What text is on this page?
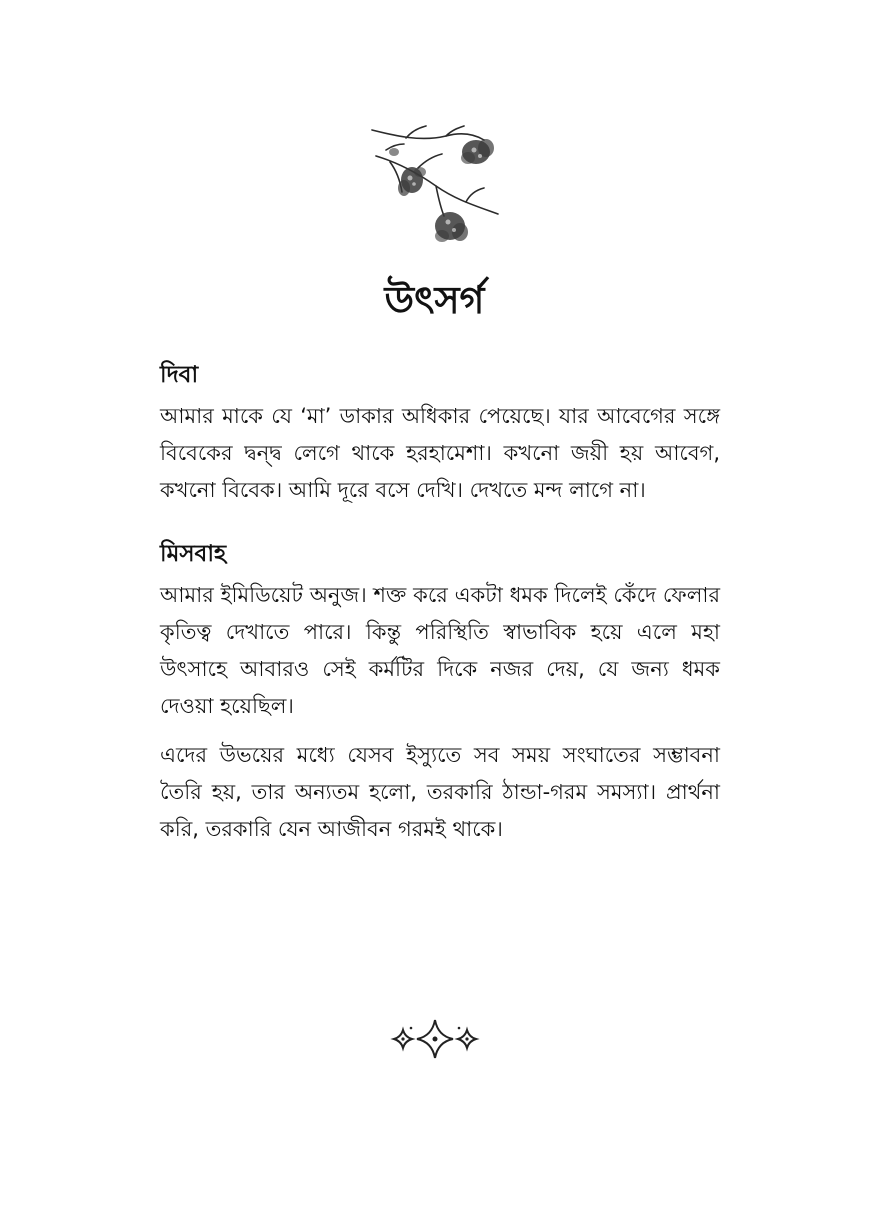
উৎসর্গ
দিবা

আমার মাকে যে ‘মা’ ডাকার অধিকার পেয়েছে। যার আবেগের সঙ্গে বিবেকের দ্বন্দ্ব লেগে থাকে হরহামেশা। কখনো জয়ী হয় আবেগ, কখনো বিবেক। আমি দূরে বসে দেখি। দেখতে মন্দ লাগে না।

মিসবাহ

আমার ইমিডিয়েট অনুজ। শক্ত করে একটা ধমক দিলেই কেঁদে ফেলার কৃতিত্ব দেখাতে পারে। কিন্তু পরিস্থিতি স্বাভাবিক হয়ে এলে মহা উৎসাহে আবারও সেই কর্মটির দিকে নজর দেয়, যে জন্য ধমক দেওয়া হয়েছিল।

এদের উভয়ের মধ্যে যেসব ইস্যুতে সব সময় সংঘাতের সম্ভাবনা তৈরি হয়, তার অন্যতম হলো, তরকারি ঠান্ডা-গরম সমস্যা। প্রার্থনা করি, তরকারি যেন আজীবন গরমই থাকে।
